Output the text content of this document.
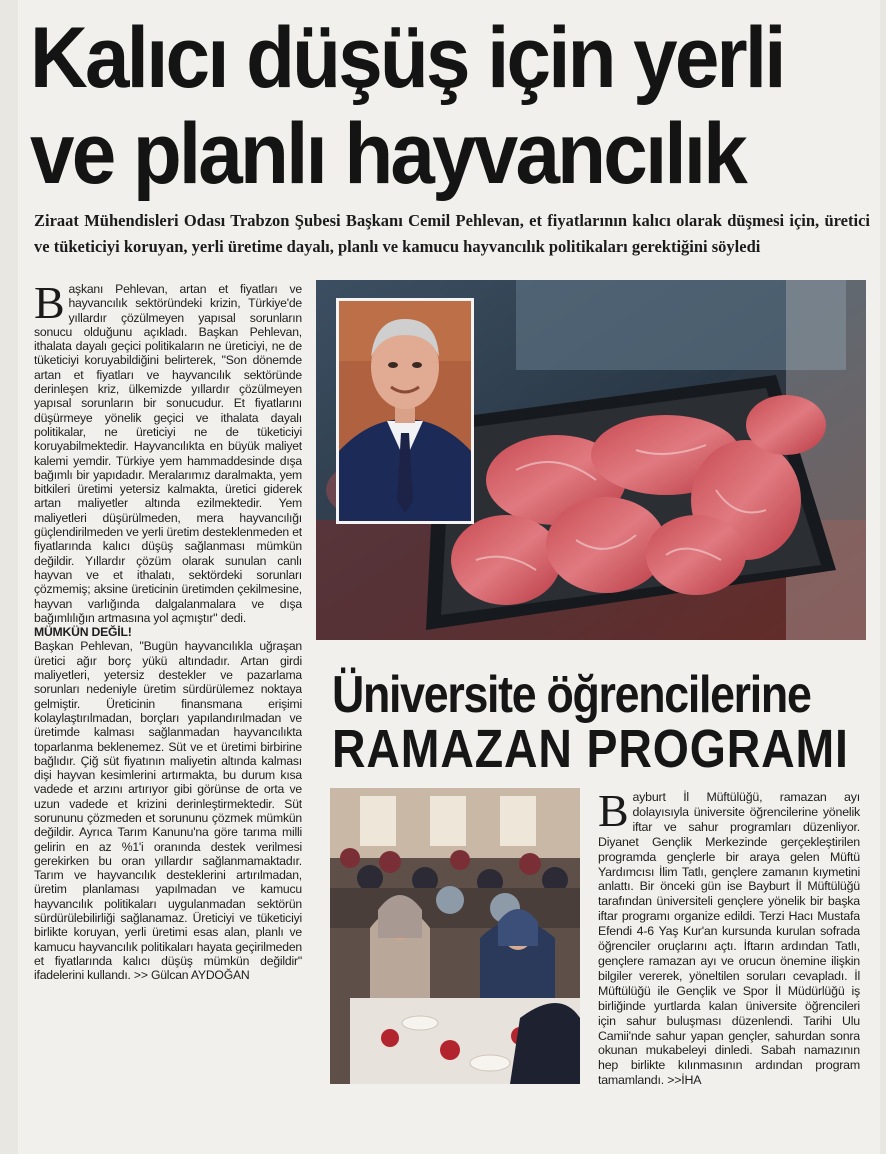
Kalıcı düşüş için yerli
ve planlı hayvancılık
Ziraat Mühendisleri Odası Trabzon Şubesi Başkanı Cemil Pehlevan, et fiyatlarının kalıcı olarak düşmesi için, üretici ve tüketiciyi koruyan, yerli üretime dayalı, planlı ve kamucu hayvancılık politikaları gerektiğini söyledi

B aşkanı Pehlevan, artan et fiyatları ve hayvancılık sektöründeki krizin, Türkiye'de yıllardır çözülmeyen yapısal sorunların sonucu olduğunu açıkladı. Başkan Pehlevan, ithalata dayalı geçici politikaların ne üreticiyi, ne de tüketiciyi koruyabildiğini belirterek, "Son dönemde artan et fiyatları ve hayvancılık sektöründe derinleşen kriz, ülkemizde yıllardır çözülmeyen yapısal sorunların bir sonucudur. Et fiyatlarını düşürmeye yönelik geçici ve ithalata dayalı politikalar, ne üreticiyi ne de tüketiciyi koruyabilmektedir. Hayvancılıkta en büyük maliyet kalemi yemdir. Türkiye yem hammaddesinde dışa bağımlı bir yapıdadır. Meralarımız daralmakta, yem bitkileri üretimi yetersiz kalmakta, üretici giderek artan maliyetler altında ezilmektedir. Yem maliyetleri düşürülmeden, mera hayvancılığı güçlendirilmeden ve yerli üretim desteklenmeden et fiyatlarında kalıcı düşüş sağlanması mümkün değildir. Yıllardır çözüm olarak sunulan canlı hayvan ve et ithalatı, sektördeki sorunları çözmemiş; aksine üreticinin üretimden çekilmesine, hayvan varlığında dalgalanmalara ve dışa bağımlılığın artmasına yol açmıştır" dedi.

MÜMKÜN DEĞİL!

Başkan Pehlevan, "Bugün hayvancılıkla uğraşan üretici ağır borç yükü altındadır. Artan girdi maliyetleri, yetersiz destekler ve pazarlama sorunları nedeniyle üretim sürdürülemez noktaya gelmiştir. Üreticinin finansmana erişimi kolaylaştırılmadan, borçları yapılandırılmadan ve üretimde kalması sağlanmadan hayvancılıkta toparlanma beklenemez. Süt ve et üretimi birbirine bağlıdır. Çiğ süt fiyatının maliyetin altında kalması dişi hayvan kesimlerini artırmakta, bu durum kısa vadede et arzını artırıyor gibi görünse de orta ve uzun vadede et krizini derinleştirmektedir. Süt sorununu çözmeden et sorununu çözmek mümkün değildir. Ayrıca Tarım Kanunu'na göre tarıma milli gelirin en az %1'i oranında destek verilmesi gerekirken bu oran yıllardır sağlanmamaktadır. Tarım ve hayvancılık desteklerini artırılmadan, üretim planlaması yapılmadan ve kamucu hayvancılık politikaları uygulanmadan sektörün sürdürülebilirliği sağlanamaz. Üreticiyi ve tüketiciyi birlikte koruyan, yerli üretimi esas alan, planlı ve kamucu hayvancılık politikaları hayata geçirilmeden et fiyatlarında kalıcı düşüş mümkün değildir" ifadelerini kullandı. >> Gülcan AYDOĞAN

Üniversite öğrencilerine
RAMAZAN PROGRAMI

B ayburt İl Müftülüğü, ramazan ayı dolayısıyla üniversite öğrencilerine yönelik iftar ve sahur programları düzenliyor. Diyanet Gençlik Merkezinde gerçekleştirilen programda gençlerle bir araya gelen Müftü Yardımcısı İlim Tatlı, gençlere zamanın kıymetini anlattı. Bir önceki gün ise Bayburt İl Müftülüğü tarafından üniversiteli gençlere yönelik bir başka iftar programı organize edildi. Terzi Hacı Mustafa Efendi 4-6 Yaş Kur'an kursunda kurulan sofrada öğrenciler oruçlarını açtı. İftarın ardından Tatlı, gençlere ramazan ayı ve orucun önemine ilişkin bilgiler vererek, yöneltilen soruları cevapladı. İl Müftülüğü ile Gençlik ve Spor İl Müdürlüğü iş birliğinde yurtlarda kalan üniversite öğrencileri için sahur buluşması düzenlendi. Tarihi Ulu Camii'nde sahur yapan gençler, sahurdan sonra okunan mukabeleyi dinledi. Sabah namazının hep birlikte kılınmasının ardından program tamamlandı. >>İHA
